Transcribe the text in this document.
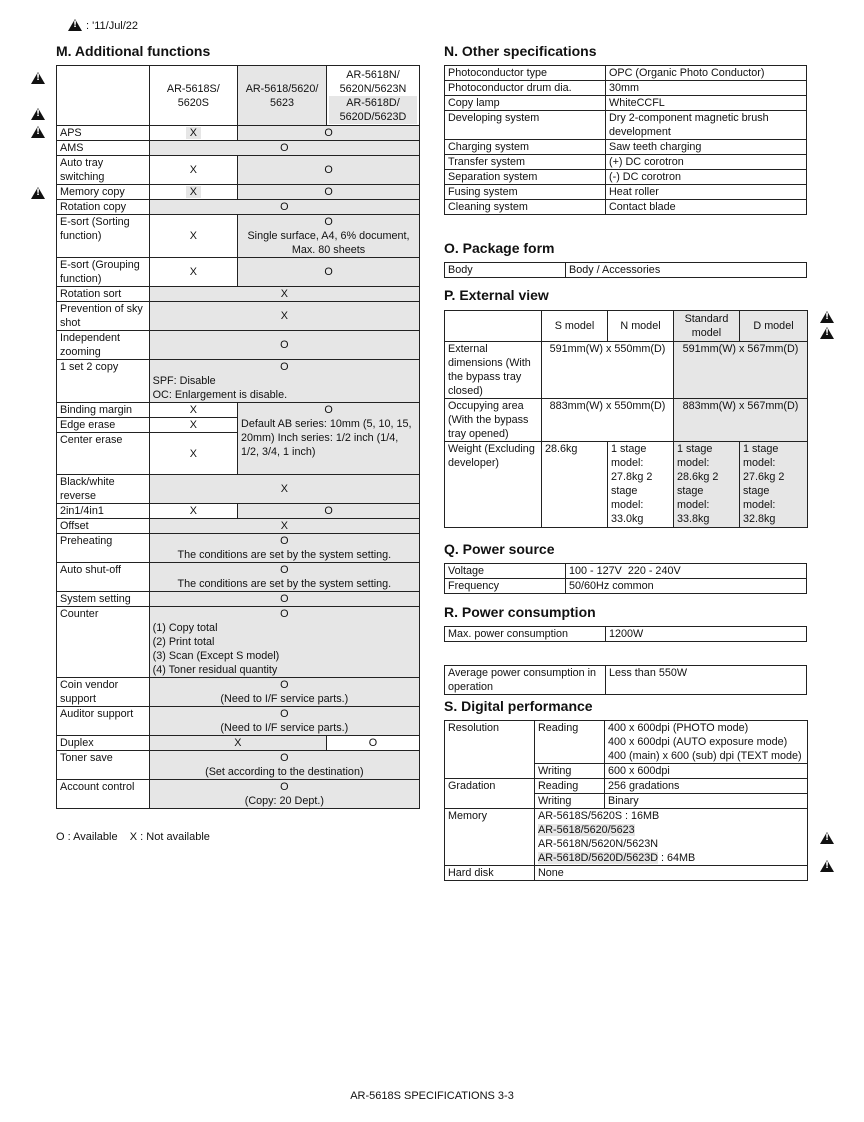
!
: '11/Jul/22
!
!
!
!
!
!
!
!
M. Additional functions
	AR-5618S/ 5620S	AR-5618/5620/ 5623	AR-5618N/ 5620N/5623N
AR-5618D/ 5620D/5623D

APS	X	O	
AMS	O		
Auto tray switching	X	O	
Memory copy	X	O	
Rotation copy	O		
E-sort (Sorting function)	X	O
Single surface, A4, 6% document, Max. 80 sheets	

E-sort (Grouping function)	X	O	
Rotation sort	X		
Prevention of sky shot	X		
Independent zooming	O		
1 set 2 copy	O
SPF: Disable
OC: Enlargement is disable.		

Binding margin	X	O
Default AB series: 10mm (5, 10, 15, 20mm) Inch series: 1/2 inch (1/4, 1/2, 3/4, 1 inch)	

Edge erase	X		
Center erase	X		
Black/white reverse	X		
2in1/4in1	X	O	
Offset	X		
Preheating	O
The conditions are set by the system setting.		

Auto shut-off	O
The conditions are set by the system setting.		

System setting	O		
Counter	O
(1) Copy total
(2) Print total
(3) Scan (Except S model)
(4) Toner residual quantity		

Coin vendor support	O
(Need to I/F service parts.)		

Auditor support	O
(Need to I/F service parts.)		

Duplex	X		O
Toner save	O
(Set according to the destination)		

Account control	O
(Copy: 20 Dept.)		
O : Available    X : Not available
N. Other specifications
Photoconductor type	OPC (Organic Photo Conductor)
Photoconductor drum dia.	30mm
Copy lamp	WhiteCCFL
Developing system	Dry 2-component magnetic brush development
Charging system	Saw teeth charging
Transfer system	(+) DC corotron
Separation system	(-) DC corotron
Fusing system	Heat roller
Cleaning system	Contact blade
O. Package form
Body	Body / Accessories
P. External view
	S model	N model	Standard model	D model
External dimensions (With the bypass tray closed)	591mm(W) x 550mm(D)		591mm(W) x 567mm(D)	
Occupying area (With the bypass tray opened)	883mm(W) x 550mm(D)		883mm(W) x 567mm(D)	
Weight (Excluding developer)	28.6kg	1 stage model: 27.8kg 2 stage model: 33.0kg	1 stage model: 28.6kg 2 stage model: 33.8kg	1 stage model: 27.6kg 2 stage model: 32.8kg
Q. Power source
Voltage	100 - 127V  220 - 240V
Frequency	50/60Hz common
R. Power consumption
Max. power consumption	1200W
Average power consumption in operation	Less than 550W
S. Digital performance
Resolution	Reading	400 x 600dpi (PHOTO mode)
400 x 600dpi (AUTO exposure mode)
400 (main) x 600 (sub) dpi (TEXT mode)

	Writing	600 x 600dpi
Gradation	Reading	256 gradations
	Writing	Binary
Memory	AR-5618S/5620S : 16MB
AR-5618/5620/5623
AR-5618N/5620N/5623N
AR-5618D/5620D/5623D : 64MB	

Hard disk	None	
AR-5618S SPECIFICATIONS 3-3
